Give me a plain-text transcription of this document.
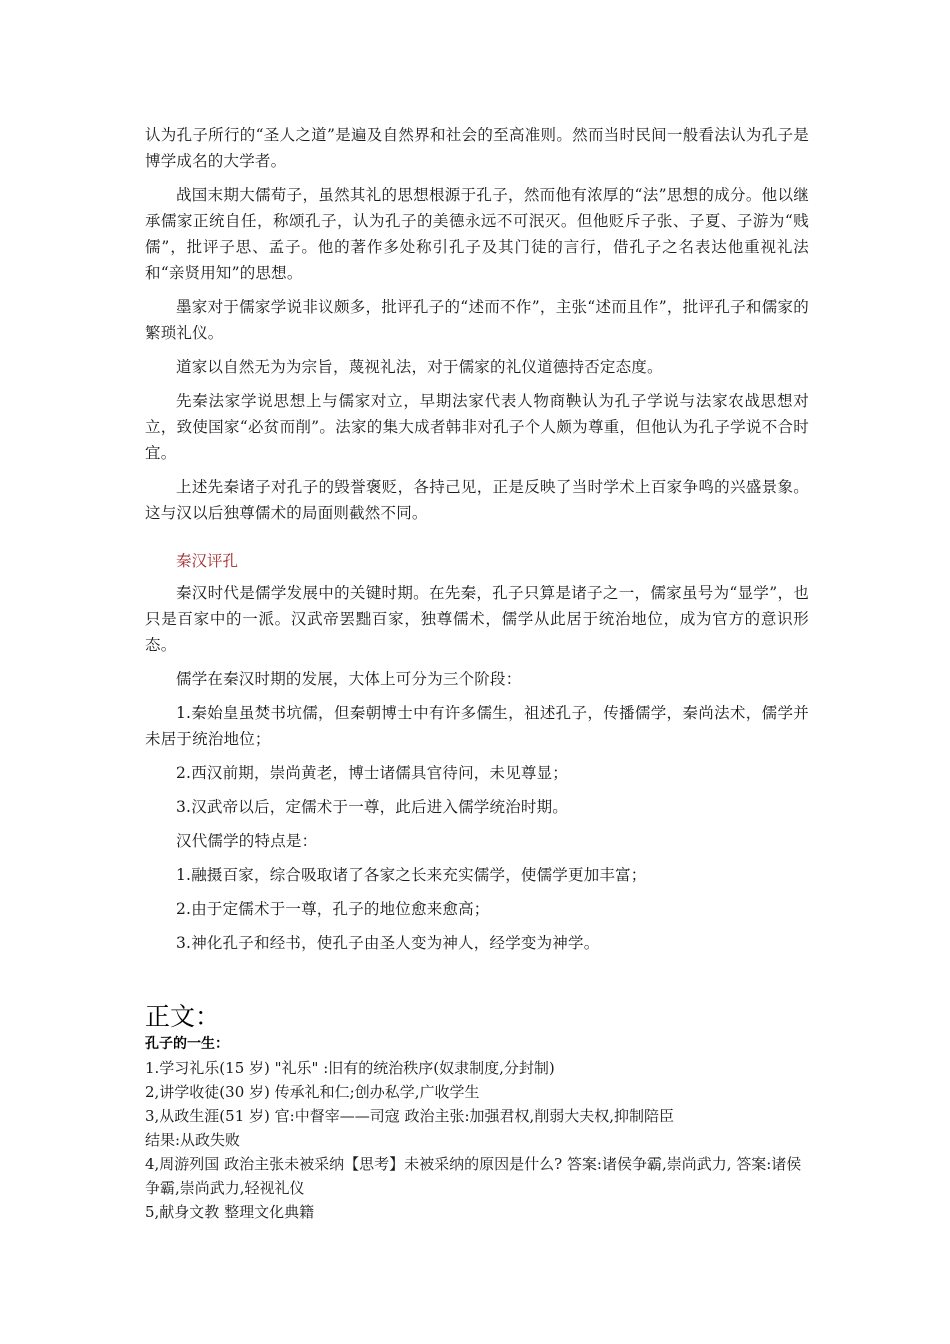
认为孔子所行的“圣人之道”是遍及自然界和社会的至高准则。然而当时民间一般看法认为孔子是博学成名的大学者。

战国末期大儒荀子，虽然其礼的思想根源于孔子，然而他有浓厚的“法”思想的成分。他以继承儒家正统自任，称颂孔子，认为孔子的美德永远不可泯灭。但他贬斥子张、子夏、子游为“贱儒”，批评子思、孟子。他的著作多处称引孔子及其门徒的言行，借孔子之名表达他重视礼法和“亲贤用知”的思想。

墨家对于儒家学说非议颇多，批评孔子的“述而不作”，主张“述而且作”，批评孔子和儒家的繁琐礼仪。

道家以自然无为为宗旨，蔑视礼法，对于儒家的礼仪道德持否定态度。

先秦法家学说思想上与儒家对立，早期法家代表人物商鞅认为孔子学说与法家农战思想对立，致使国家“必贫而削”。法家的集大成者韩非对孔子个人颇为尊重，但他认为孔子学说不合时宜。

上述先秦诸子对孔子的毁誉褒贬，各持己见，正是反映了当时学术上百家争鸣的兴盛景象。这与汉以后独尊儒术的局面则截然不同。

秦汉评孔

秦汉时代是儒学发展中的关键时期。在先秦，孔子只算是诸子之一，儒家虽号为“显学”，也只是百家中的一派。汉武帝罢黜百家，独尊儒术，儒学从此居于统治地位，成为官方的意识形态。

儒学在秦汉时期的发展，大体上可分为三个阶段：

1.秦始皇虽焚书坑儒，但秦朝博士中有许多儒生，祖述孔子，传播儒学，秦尚法术，儒学并未居于统治地位；

2.西汉前期，崇尚黄老，博士诸儒具官待问，未见尊显；

3.汉武帝以后，定儒术于一尊，此后进入儒学统治时期。

汉代儒学的特点是：

1.融摄百家，综合吸取诸了各家之长来充实儒学，使儒学更加丰富；

2.由于定儒术于一尊，孔子的地位愈来愈高；

3.神化孔子和经书，使孔子由圣人变为神人，经学变为神学。

正文：
孔子的一生：

1.学习礼乐(15 岁) "礼乐" :旧有的统治秩序(奴隶制度,分封制)

2,讲学收徒(30 岁) 传承礼和仁;创办私学,广收学生

3,从政生涯(51 岁) 官:中督宰——司寇 政治主张:加强君权,削弱大夫权,抑制陪臣

结果:从政失败

4,周游列国 政治主张未被采纳【思考】未被采纳的原因是什么? 答案:诸侯争霸,崇尚武力, 答案:诸侯争霸,崇尚武力,轻视礼仪

5,献身文教 整理文化典籍
